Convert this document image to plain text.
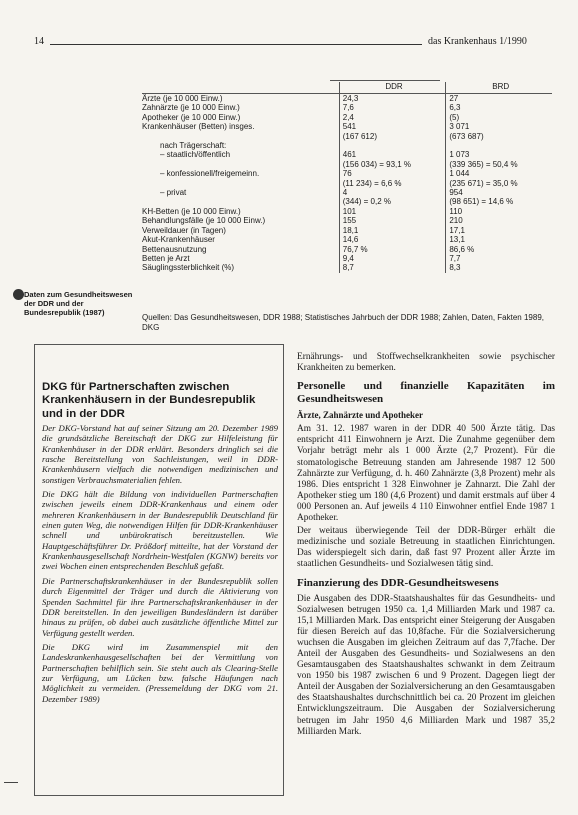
14	das Krankenhaus 1/1990
	DDR	BRD
Ärzte (je 10 000 Einw.)	24,3	27
Zahnärzte (je 10 000 Einw.)	7,6	6,3
Apotheker (je 10 000 Einw.)	2,4	(5)
Krankenhäuser (Betten) insges.	541	3 071
	(167 612)	(673 687)
nach Trägerschaft:		
– staatlich/öffentlich	461	1 073
	(156 034) = 93,1 %	(339 365) = 50,4 %
– konfessionell/freigemeinn.	76	1 044
	(11 234) = 6,6 %	(235 671) = 35,0 %
– privat	4	954
	(344) = 0,2 %	(98 651) = 14,6 %
KH-Betten (je 10 000 Einw.)	101	110
Behandlungsfälle (je 10 000 Einw.)	155	210
Verweildauer (in Tagen)	18,1	17,1
Akut-Krankenhäuser	14,6	13,1
Bettenausnutzung	76,7 %	86,6 %
Betten je Arzt	9,4	7,7
Säuglingssterblichkeit (%)	8,7	8,3
Daten zum Gesundheitswesen der DDR und der Bundesrepublik (1987)
Quellen: Das Gesundheitswesen, DDR 1988; Statistisches Jahrbuch der DDR 1988; Zahlen, Daten, Fakten 1989, DKG
DKG für Partnerschaften zwischen Krankenhäusern in der Bundesrepublik und in der DDR

Der DKG-Vorstand hat auf seiner Sitzung am 20. Dezember 1989 die grundsätzliche Bereitschaft der DKG zur Hilfeleistung für Krankenhäuser in der DDR erklärt. Besonders dringlich sei die rasche Bereitstellung von Sachleistungen, weil in DDR-Krankenhäusern vielfach die notwendigen medizinischen und sonstigen Verbrauchsmaterialien fehlen.

Die DKG hält die Bildung von individuellen Partnerschaften zwischen jeweils einem DDR-Krankenhaus und einem oder mehreren Krankenhäusern in der Bundesrepublik Deutschland für einen guten Weg, die notwendigen Hilfen für DDR-Krankenhäuser schnell und unbürokratisch bereitzustellen. Wie Hauptgeschäftsführer Dr. Prößdorf mitteilte, hat der Vorstand der Krankenhausgesellschaft Nordrhein-Westfalen (KGNW) bereits vor zwei Wochen einen entsprechenden Beschluß gefaßt.

Die Partnerschaftskrankenhäuser in der Bundesrepublik sollen durch Eigenmittel der Träger und durch die Aktivierung von Spenden Sachmittel für ihre Partnerschaftskrankenhäuser in der DDR bereitstellen. In den jeweiligen Bundesländern ist darüber hinaus zu prüfen, ob dabei auch zusätzliche öffentliche Mittel zur Verfügung gestellt werden.

Die DKG wird im Zusammenspiel mit den Landeskrankenhausgesellschaften bei der Vermittlung von Partnerschaften behilflich sein. Sie steht auch als Clearing-Stelle zur Verfügung, um Lücken bzw. falsche Häufungen nach Möglichkeit zu vermeiden. (Pressemeldung der DKG vom 21. Dezember 1989)

Ernährungs- und Stoffwechselkrankheiten sowie psychischer Krankheiten zu bemerken.

Personelle und finanzielle Kapazitäten im Gesundheitswesen

Ärzte, Zahnärzte und Apotheker

Am 31. 12. 1987 waren in der DDR 40 500 Ärzte tätig. Das entspricht 411 Einwohnern je Arzt. Die Zunahme gegenüber dem Vorjahr beträgt mehr als 1 000 Ärzte (2,7 Prozent). Für die stomatologische Betreuung standen am Jahresende 1987 12 500 Zahnärzte zur Verfügung, d. h. 460 Zahnärzte (3,8 Prozent) mehr als 1986. Dies entspricht 1 328 Einwohner je Zahnarzt. Die Zahl der Apotheker stieg um 180 (4,6 Prozent) und damit erstmals auf über 4 000 Personen an. Auf jeweils 4 110 Einwohner entfiel Ende 1987 1 Apotheker.

Der weitaus überwiegende Teil der DDR-Bürger erhält die medizinische und soziale Betreuung in staatlichen Einrichtungen. Das widerspiegelt sich darin, daß fast 97 Prozent aller Ärzte im staatlichen Gesundheits- und Sozialwesen tätig sind.

Finanzierung des DDR-Gesundheitswesens

Die Ausgaben des DDR-Staatshaushaltes für das Gesundheits- und Sozialwesen betrugen 1950 ca. 1,4 Milliarden Mark und 1987 ca. 15,1 Milliarden Mark. Das entspricht einer Steigerung der Ausgaben für diesen Bereich auf das 10,8fache. Für die Sozialversicherung wuchsen die Ausgaben im gleichen Zeitraum auf das 7,7fache. Der Anteil der Ausgaben des Gesundheits- und Sozialwesens an den Gesamtausgaben des Staatshaushaltes schwankt in dem Zeitraum von 1950 bis 1987 zwischen 6 und 9 Prozent. Dagegen liegt der Anteil der Ausgaben der Sozialversicherung an den Gesamtausgaben des Staatshaushaltes durchschnittlich bei ca. 20 Prozent im gleichen Entwicklungszeitraum. Die Ausgaben der Sozialversicherung betrugen im Jahr 1950 4,6 Milliarden Mark und 1987 35,2 Milliarden Mark.
